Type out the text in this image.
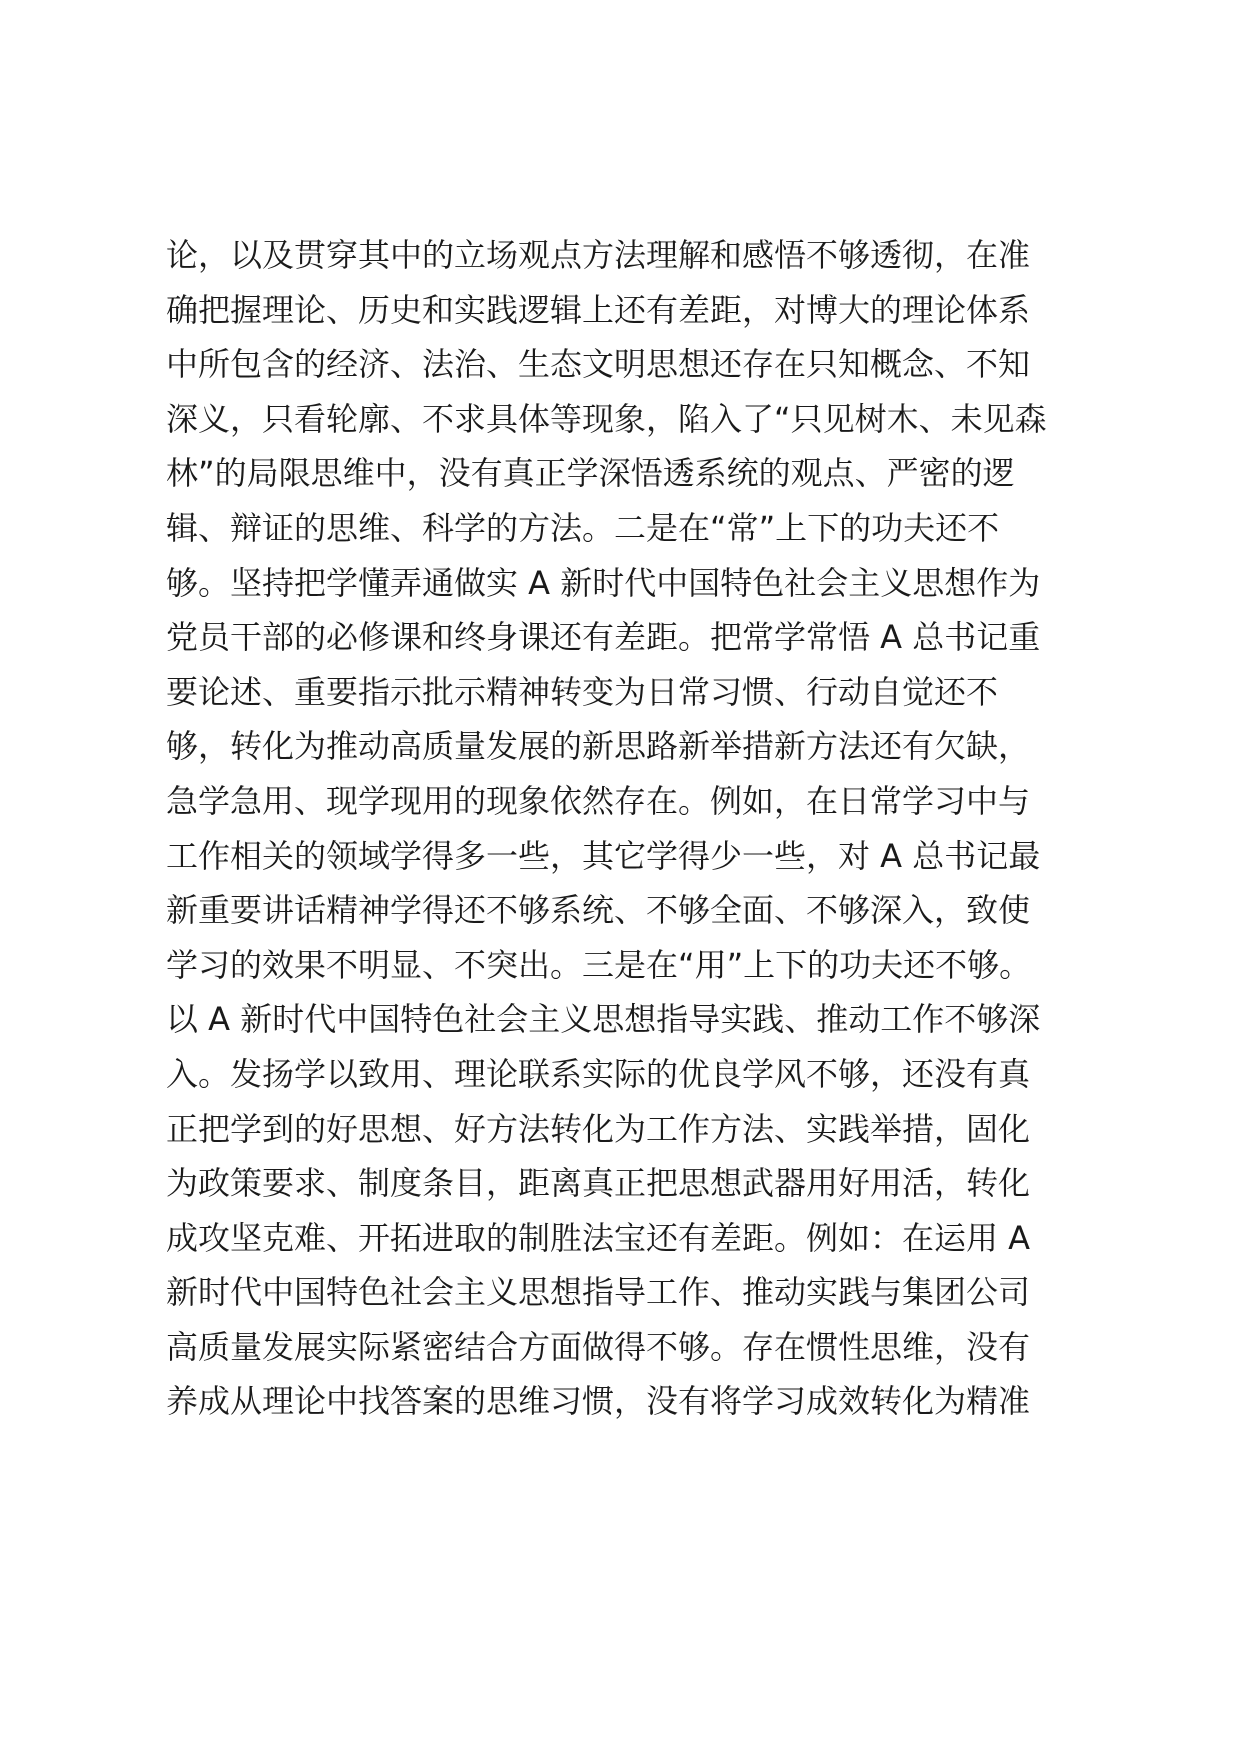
论，以及贯穿其中的立场观点方法理解和感悟不够透彻，在准
确把握理论、历史和实践逻辑上还有差距，对博大的理论体系
中所包含的经济、法治、生态文明思想还存在只知概念、不知
深义，只看轮廓、不求具体等现象，陷入了“只见树木、未见森
林”的局限思维中，没有真正学深悟透系统的观点、严密的逻
辑、辩证的思维、科学的方法。二是在“常”上下的功夫还不
够。坚持把学懂弄通做实 A 新时代中国特色社会主义思想作为
党员干部的必修课和终身课还有差距。把常学常悟 A 总书记重
要论述、重要指示批示精神转变为日常习惯、行动自觉还不
够，转化为推动高质量发展的新思路新举措新方法还有欠缺，
急学急用、现学现用的现象依然存在。例如，在日常学习中与
工作相关的领域学得多一些，其它学得少一些，对 A 总书记最
新重要讲话精神学得还不够系统、不够全面、不够深入，致使
学习的效果不明显、不突出。三是在“用”上下的功夫还不够。
以 A 新时代中国特色社会主义思想指导实践、推动工作不够深
入。发扬学以致用、理论联系实际的优良学风不够，还没有真
正把学到的好思想、好方法转化为工作方法、实践举措，固化
为政策要求、制度条目，距离真正把思想武器用好用活，转化
成攻坚克难、开拓进取的制胜法宝还有差距。例如：在运用 A
新时代中国特色社会主义思想指导工作、推动实践与集团公司
高质量发展实际紧密结合方面做得不够。存在惯性思维，没有
养成从理论中找答案的思维习惯，没有将学习成效转化为精准
